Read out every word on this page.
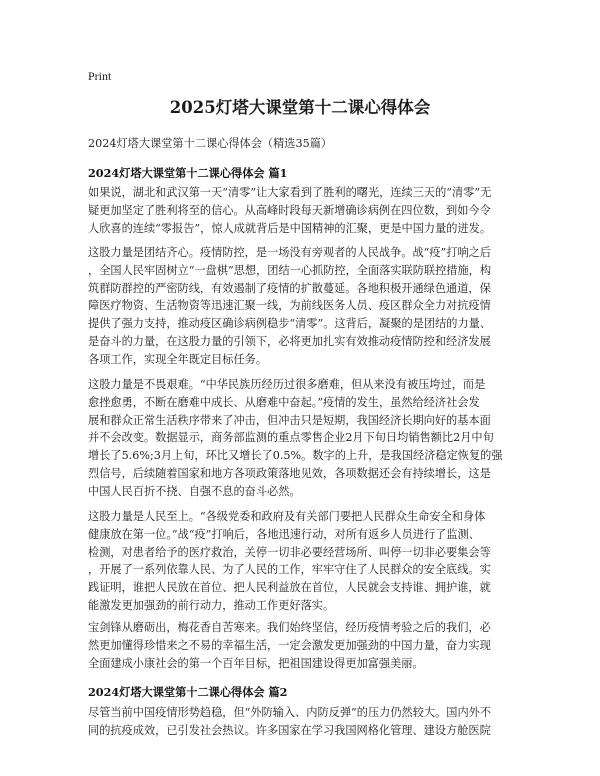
Print
2025灯塔大课堂第十二课心得体会
2024灯塔大课堂第十二课心得体会（精选35篇）
2024灯塔大课堂第十二课心得体会 篇1
如果说，湖北和武汉第一天“清零”让大家看到了胜利的曙光，连续三天的“清零”无
疑更加坚定了胜利将至的信心。从高峰时段每天新增确诊病例在四位数，到如今令
人欣喜的连续“零报告”，惊人成就背后是中国精神的汇聚，更是中国力量的迸发。
这股力量是团结齐心。疫情防控，是一场没有旁观者的人民战争。战“疫”打响之后
，全国人民牢固树立“一盘棋”思想，团结一心抓防控，全面落实联防联控措施，构
筑群防群控的严密防线，有效遏制了疫情的扩散蔓延。各地积极开通绿色通道，保
障医疗物资、生活物资等迅速汇聚一线，为前线医务人员、疫区群众全力对抗疫情
提供了强力支持，推动疫区确诊病例稳步“清零”。这背后，凝聚的是团结的力量、
是奋斗的力量，在这股力量的引领下，必将更加扎实有效推动疫情防控和经济发展
各项工作，实现全年既定目标任务。
这股力量是不畏艰难。“中华民族历经历过很多磨难，但从来没有被压垮过，而是
愈挫愈勇，不断在磨难中成长、从磨难中奋起。”疫情的发生，虽然给经济社会发
展和群众正常生活秩序带来了冲击，但冲击只是短期，我国经济长期向好的基本面
并不会改变。数据显示，商务部监测的重点零售企业2月下旬日均销售额比2月中旬
增长了5.6%;3月上旬，环比又增长了0.5%。数字的上升，是我国经济稳定恢复的强
烈信号，后续随着国家和地方各项政策落地见效，各项数据还会有持续增长，这是
中国人民百折不挠、自强不息的奋斗必然。
这股力量是人民至上。“各级党委和政府及有关部门要把人民群众生命安全和身体
健康放在第一位。”战“疫”打响后，各地迅速行动，对所有返乡人员进行了监测、
检测，对患者给予的医疗救治，关停一切非必要经营场所、叫停一切非必要集会等
，开展了一系列依靠人民、为了人民的工作，牢牢守住了人民群众的安全底线。实
践证明，谁把人民放在首位、把人民利益放在首位，人民就会支持谁、拥护谁，就
能激发更加强劲的前行动力，推动工作更好落实。
宝剑锋从磨砺出，梅花香自苦寒来。我们始终坚信，经历疫情考验之后的我们，必
然更加懂得珍惜来之不易的幸福生活，一定会激发更加强劲的中国力量，奋力实现
全面建成小康社会的第一个百年目标，把祖国建设得更加富强美丽。
2024灯塔大课堂第十二课心得体会 篇2
尽管当前中国疫情形势趋稳，但“外防输入、内防反弹”的压力仍然较大。国内外不
同的抗疫成效，已引发社会热议。许多国家在学习我国网格化管理、建设方舱医院
